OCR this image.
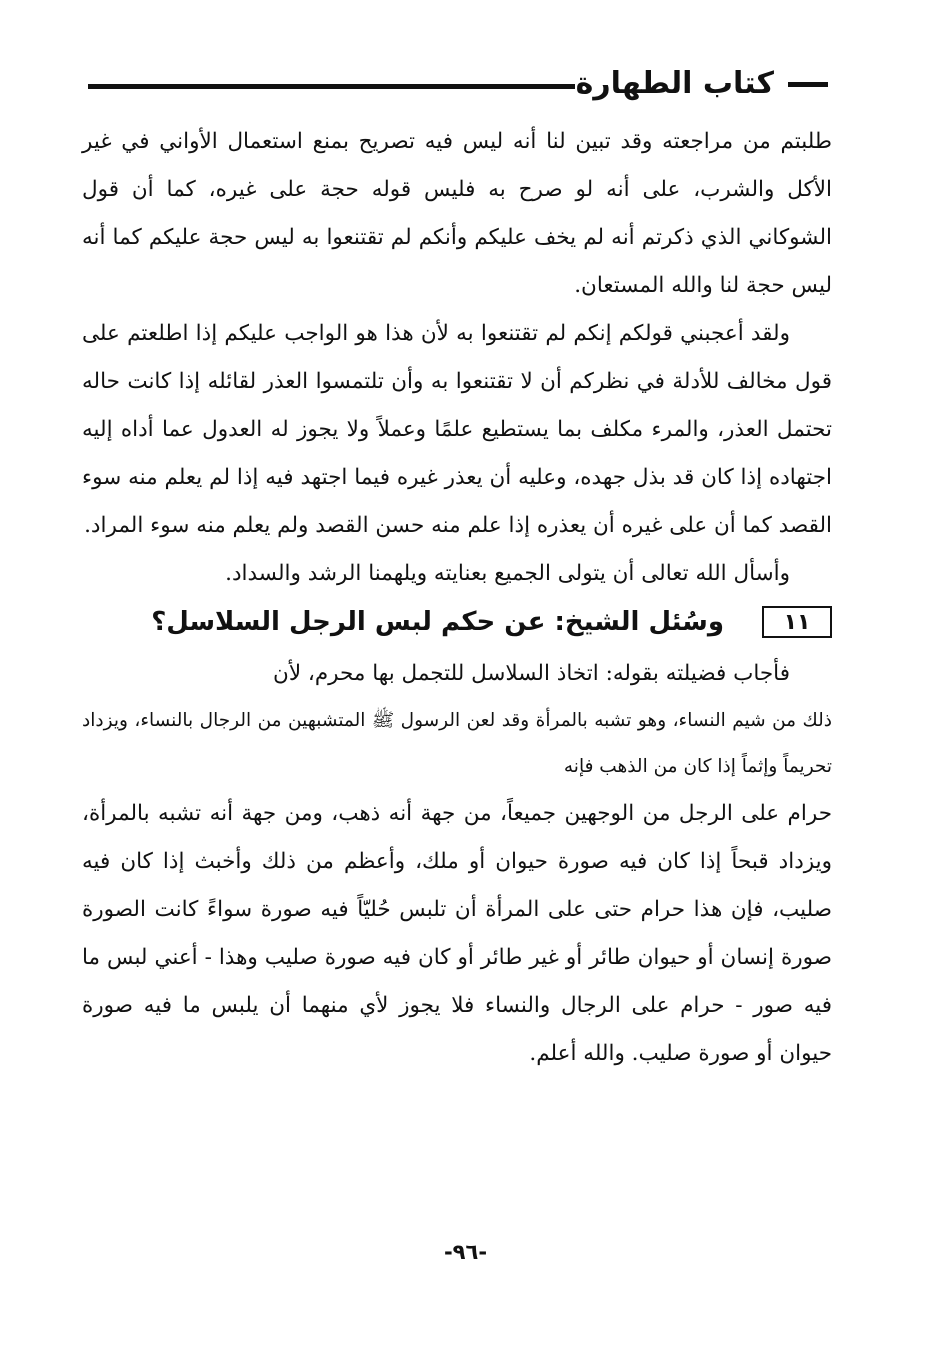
كتاب الطهارة

طلبتم من مراجعته وقد تبين لنا أنه ليس فيه تصريح بمنع استعمال الأواني في غير الأكل والشرب، على أنه لو صرح به فليس قوله حجة على غيره، كما أن قول الشوكاني الذي ذكرتم أنه لم يخف عليكم وأنكم لم تقتنعوا به ليس حجة عليكم كما أنه ليس حجة لنا والله المستعان.

ولقد أعجبني قولكم إنكم لم تقتنعوا به لأن هذا هو الواجب عليكم إذا اطلعتم على قول مخالف للأدلة في نظركم أن لا تقتنعوا به وأن تلتمسوا العذر لقائله إذا كانت حاله تحتمل العذر، والمرء مكلف بما يستطيع علمًا وعملاً ولا يجوز له العدول عما أداه إليه اجتهاده إذا كان قد بذل جهده، وعليه أن يعذر غيره فيما اجتهد فيه إذا لم يعلم منه سوء القصد كما أن على غيره أن يعذره إذا علم منه حسن القصد ولم يعلم منه سوء المراد.

وأسأل الله تعالى أن يتولى الجميع بعنايته ويلهمنا الرشد والسداد.

١١
وسُئل الشيخ: عن حكم لبس الرجل السلاسل؟

فأجاب فضيلته بقوله: اتخاذ السلاسل للتجمل بها محرم، لأن

ذلك من شيم النساء، وهو تشبه بالمرأة وقد لعن الرسول ﷺ المتشبهين من الرجال بالنساء، ويزداد تحريماً وإثماً إذا كان من الذهب فإنه

حرام على الرجل من الوجهين جميعاً، من جهة أنه ذهب، ومن جهة أنه تشبه بالمرأة، ويزداد قبحاً إذا كان فيه صورة حيوان أو ملك، وأعظم من ذلك وأخبث إذا كان فيه صليب، فإن هذا حرام حتى على المرأة أن تلبس حُليّاً فيه صورة سواءً كانت الصورة صورة إنسان أو حيوان طائر أو غير طائر أو كان فيه صورة صليب وهذا - أعني لبس ما فيه صور - حرام على الرجال والنساء فلا يجوز لأي منهما أن يلبس ما فيه صورة حيوان أو صورة صليب. والله أعلم.

-٩٦-
